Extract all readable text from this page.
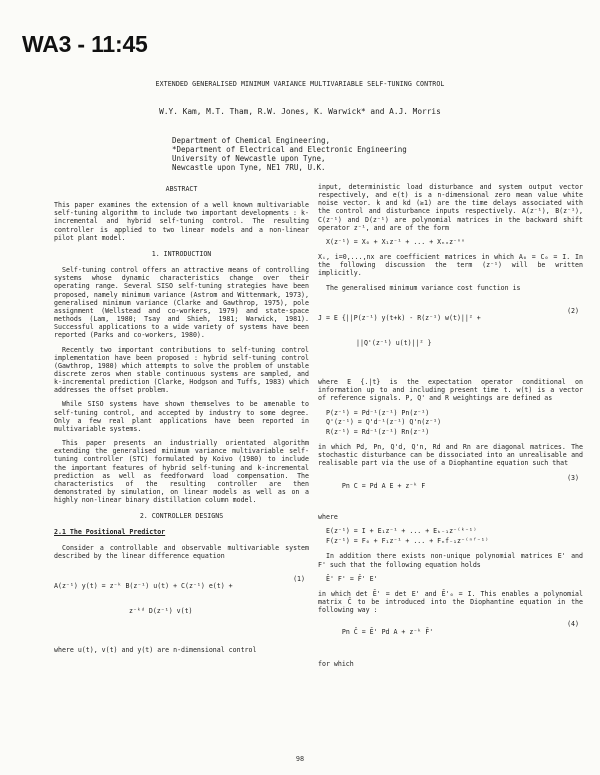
WA3 - 11:45
EXTENDED GENERALISED MINIMUM VARIANCE MULTIVARIABLE SELF-TUNING CONTROL
W.Y. Kam, M.T. Tham, R.W. Jones, K. Warwick* and A.J. Morris
Department of Chemical Engineering,
*Department of Electrical and Electronic Engineering
University of Newcastle upon Tyne,
Newcastle upon Tyne, NE1 7RU, U.K.
ABSTRACT

This paper examines the extension of a well known multivariable self-tuning algorithm to include two important developments : k-incremental and hybrid self-tuning control. The resulting controller is applied to two linear models and a non-linear pilot plant model.

1. INTRODUCTION

Self-tuning control offers an attractive means of controlling systems whose dynamic characteristics change over their operating range. Several SISO self-tuning strategies have been proposed, namely minimum variance (Astrom and Wittenmark, 1973), generalised minimum variance (Clarke and Gawthrop, 1975), pole assignment (Wellstead and co-workers, 1979) and state-space methods (Lam, 1980; Tsay and Shieh, 1981; Warwick, 1981). Successful applications to a wide variety of systems have been reported (Parks and co-workers, 1980).

Recently two important contributions to self-tuning control implementation have been proposed : hybrid self-tuning control (Gawthrop, 1980) which attempts to solve the problem of unstable discrete zeros when stable continuous systems are sampled, and k-incremental prediction (Clarke, Hodgson and Tuffs, 1983) which addresses the offset problem.

While SISO systems have shown themselves to be amenable to self-tuning control, and accepted by industry to some degree. Only a few real plant applications have been reported in multivariable systems.

This paper presents an industrially orientated algorithm extending the generalised minimum variance multivariable self-tuning controller (STC) formulated by Koivo (1980) to include the important features of hybrid self-tuning and k-incremental prediction as well as feedforward load compensation. The characteristics of the resulting controller are then demonstrated by simulation, on linear models as well as on a highly non-linear binary distillation column model.

2. CONTROLLER DESIGNS
2.1 The Positional Predictor

Consider a controllable and observable multivariable system described by the linear difference equation

A(z⁻¹) y(t) = z⁻ᵏ B(z⁻¹) u(t) + C(z⁻¹) e(t) +

z⁻ᵏᵈ D(z⁻¹) v(t)

(1)

where u(t), v(t) and y(t) are n-dimensional control

input, deterministic load disturbance and system output vector respectively, and e(t) is a n-dimensional zero mean value white noise vector. k and kd (≥1) are the time delays associated with the control and disturbance inputs respectively. A(z⁻¹), B(z⁻¹), C(z⁻¹) and D(z⁻¹) are polynomial matrices in the backward shift operator z⁻¹, and are of the form

X(z⁻¹) = X₀ + X₁z⁻¹ + ... + Xₙₓz⁻ⁿˣ

Xᵢ, i=0,...,nx are coefficient matrices in which A₀ = C₀ = I. In the following discussion the term (z⁻¹) will be written implicitly.

The generalised minimum variance cost function is

J = E {||P(z⁻¹) y(t+k) - R(z⁻¹) w(t)||² +

||Q'(z⁻¹) u(t)||² }

(2)

where E {.|t} is the expectation operator conditional on information up to and including present time t. w(t) is a vector of reference signals. P, Q' and R weightings are defined as

P(z⁻¹) = Pd⁻¹(z⁻¹) Pn(z⁻¹)
Q'(z⁻¹) = Q'd⁻¹(z⁻¹) Q'n(z⁻¹)
R(z⁻¹) = Rd⁻¹(z⁻¹) Rn(z⁻¹)

in which Pd, Pn, Q'd, Q'n, Rd and Rn are diagonal matrices. The stochastic disturbance can be dissociated into an unrealisable and realisable part via the use of a Diophantine equation such that

Pn C = Pd A E + z⁻ᵏ F

(3)

where

E(z⁻¹) = I + E₁z⁻¹ + ... + Eₖ₋₁z⁻⁽ᵏ⁻¹⁾
F(z⁻¹) = F₀ + F₁z⁻¹ + ... + Fₙf₋₁z⁻⁽ⁿᶠ⁻¹⁾

In addition there exists non-unique polynomial matrices E' and F' such that the following equation holds

Ē' F' = F̄' E'

in which det Ē' = det E' and Ē'₀ = I. This enables a polynomial matrix C̄ to be introduced into the Diophantine equation in the following way :

Pn C̄ = Ē' Pd A + z⁻ᵏ F̄'

(4)

for which

98
